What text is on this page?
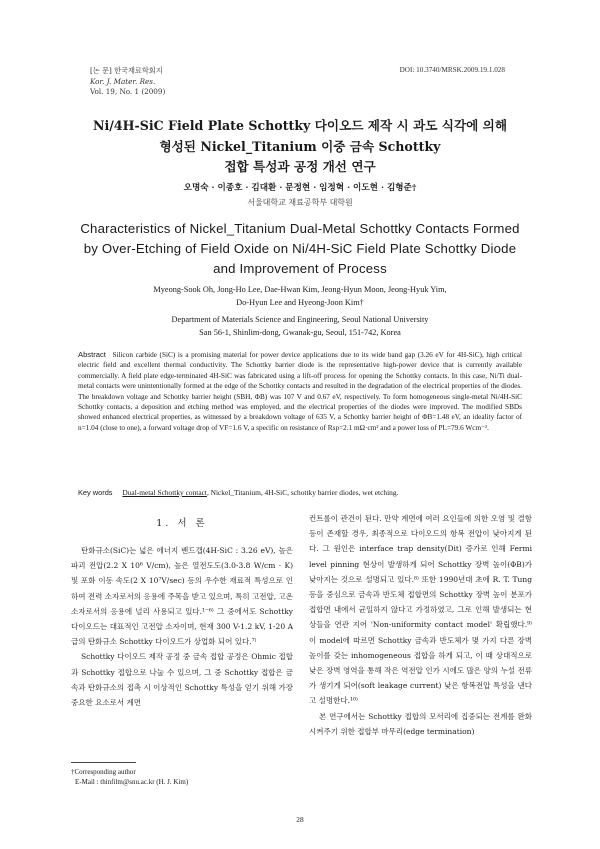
[논 문] 한국재료학회지
Kor. J. Mater. Res.
Vol. 19, No. 1 (2009)
DOI: 10.3740/MRSK.2009.19.1.028
Ni/4H-SiC Field Plate Schottky 다이오드 제작 시 과도 식각에 의해
형성된 Nickel_Titanium 이중 금속 Schottky
접합 특성과 공정 개선 연구
오명숙 · 이종호 · 김대환 · 문정현 · 임정혁 · 이도현 · 김형준†
서울대학교 재료공학부 대학원
Characteristics of Nickel_Titanium Dual-Metal Schottky Contacts Formed
by Over-Etching of Field Oxide on Ni/4H-SiC Field Plate Schottky Diode
and Improvement of Process
Myeong-Sook Oh, Jong-Ho Lee, Dae-Hwan Kim, Jeong-Hyun Moon, Jeong-Hyuk Yim,
Do-Hyun Lee and Hyeong-Joon Kim†
Department of Materials Science and Engineering, Seoul National University
San 56-1, Shinlim-dong, Gwanak-gu, Seoul, 151-742, Korea
Abstract Silicon carbide (SiC) is a promising material for power device applications due to its wide band gap (3.26 eV for 4H-SiC), high critical electric field and excellent thermal conductivity. The Schottky barrier diode is the representative high-power device that is currently available commercially. A field plate edge-terminated 4H-SiC was fabricated using a lift-off process for opening the Schottky contacts. In this case, Ni/Ti dual-metal contacts were unintentionally formed at the edge of the Schottky contacts and resulted in the degradation of the electrical properties of the diodes. The breakdown voltage and Schottky barrier height (SBH, ΦB) was 107 V and 0.67 eV, respectively. To form homogeneous single-metal Ni/4H-SiC Schottky contacts, a deposition and etching method was employed, and the electrical properties of the diodes were improved. The modified SBDs showed enhanced electrical properties, as witnessed by a breakdown voltage of 635 V, a Schottky barrier height of ΦB=1.48 eV, an ideality factor of n=1.04 (close to one), a forward voltage drop of VF=1.6 V, a specific on resistance of Rsp=2.1 mΩ·cm² and a power loss of PL=79.6 Wcm⁻².
Key words Dual-metal Schottky contact, Nickel_Titanium, 4H-SiC, schottky barrier diodes, wet etching.
1. 서 론

탄화규소(SiC)는 넓은 에너지 밴드갭(4H-SiC : 3.26 eV), 높은 파괴 전압(2.2 X 10⁶ V/cm), 높은 열전도도(3.0-3.8 W/cm · K) 및 포화 이동 속도(2 X 10⁷V/sec) 등의 우수한 재료적 특성으로 인하여 전력 소자로서의 응용에 주목을 받고 있으며, 특히 고전압, 고온 소자로서의 응용에 널리 사용되고 있다.¹⁻⁶⁾ 그 중에서도 Schottky 다이오드는 대표적인 고전압 소자이며, 현재 300 V-1.2 kV, 1-20 A 급의 탄화규소 Schottky 다이오드가 상업화 되어 있다.⁷⁾

Schottky 다이오드 제작 공정 중 금속 접합 공정은 Ohmic 접합과 Schottky 접합으로 나눌 수 있으며, 그 중 Schottky 접합은 금속과 탄화규소의 접촉 시 이상적인 Schottky 특성을 얻기 위해 가장 중요한 요소로서 계면

컨트롤이 관건이 된다. 만약 계면에 여러 요인들에 의한 오염 및 결함 등이 존재할 경우, 최종적으로 다이오드의 항복 전압이 낮아지게 된다. 그 원인은 interface trap density(Dit) 증가로 인해 Fermi level pinning 현상이 발생하게 되어 Schottky 장벽 높이(ΦB)가 낮아지는 것으로 설명되고 있다.⁸⁾ 또한 1990년대 초에 R. T. Tung등을 중심으로 금속과 반도체 접합면의 Schottky 장벽 높이 분포가 접합면 내에서 균일하지 않다고 가정하였고, 그로 인해 발생되는 현상들을 연관 지어 'Non-uniformity contact model' 확립했다.⁹⁾ 이 model에 따르면 Schottky 금속과 반도체가 몇 가지 다른 장벽 높이를 갖는 inhomogeneous 접합을 하게 되고, 이 때 상대적으로 낮은 장벽 영역을 통해 작은 역전압 인가 시에도 많은 양의 누설 전류가 생기게 되어(soft leakage current) 낮은 항복전압 특성을 낸다고 설명한다.¹⁰⁾

본 연구에서는 Schottky 접합의 모서리에 집중되는 전계를 완화시켜주기 위한 접합부 마무리(edge termination)

†Corresponding author
E-Mail : thinfilm@snu.ac.kr (H. J. Kim)
28
